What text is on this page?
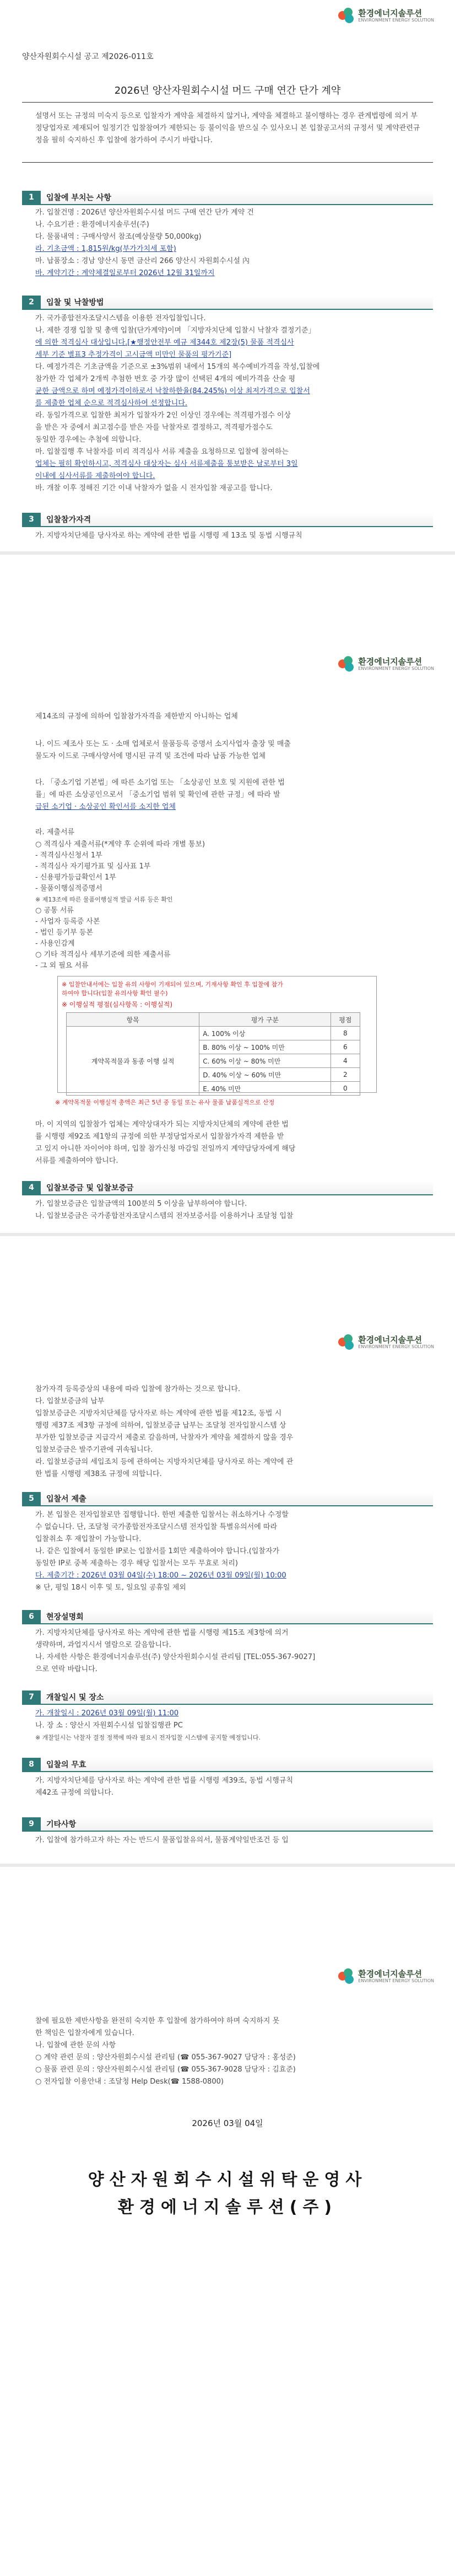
환경에너지솔루션
ENVIRONMENT ENERGY SOLUTION
양산자원회수시설 공고 제2026-011호
2026년 양산자원회수시설 머드 구매 연간 단가 계약
설명서 또는 규정의 미숙지 등으로 입찰자가 계약을 체결하지 않거나, 계약을 체결하고 불이행하는 경우 관계법령에 의거 부정당업자로 제재되어 일정기간 입찰참여가 제한되는 등 불이익을 받으실 수 있사오니 본 입찰공고서의 규정서 및 계약관련규정을 필히 숙지하신 후 입찰에 참가하여 주시기 바랍니다.
1	입찰에 부치는 사항
가. 입찰건명 : 2026년 양산자원회수시설 머드 구매 연간 단가 계약 건
나. 수요기관 : 환경에너지솔루션(주)
다. 물품내역 : 구매사양서 참조(예상물량 50,000kg)
라. 기초금액 : 1,815원/kg(부가가치세 포함)
마. 납품장소 : 경남 양산시 동면 금산리 266 양산시 자원회수시설 內
바. 계약기간 : 계약체결일로부터 2026년 12월 31일까지
2	입찰 및 낙찰방법
가. 국가종합전자조달시스템을 이용한 전자입찰입니다.
나. 제한 경쟁 입찰 및 총액 입찰(단가계약)이며 「지방자치단체 입찰시 낙찰자 결정기준」
에 의한 적격심사 대상입니다.[★행정안전부 예규 제344호 제2장(5) 물품 적격심사
세부 기준 별표3 추정가격이 고시금액 미만인 물품의 평가기준]
다. 예정가격은 기초금액을 기준으로 ±3%범위 내에서 15개의 복수예비가격을 작성,입찰에
참가한 각 업체가 2개씩 추첨한 번호 중 가장 많이 선택된 4개의 예비가격을 산술 평
균한 금액으로 하며 예정가격이하로서 낙찰하한율(84.245%) 이상 최저가격으로 입찰서
를 제출한 업체 순으로 적격심사하여 선정합니다.
라. 동일가격으로 입찰한 최저가 입찰자가 2인 이상인 경우에는 적격평가점수 이상
을 받은 자 중에서 최고점수를 받은 자를 낙찰자로 결정하고, 적격평가점수도
동일한 경우에는 추첨에 의합니다.
마. 입찰집행 후 낙찰자를 미리 적격심사 서류 제출을 요청하므로 입찰에 참여하는
업체는 필히 확인하시고, 적격심사 대상자는 심사 서류제출을 통보받은 날로부터 3일
이내에 심사서류를 제출하여야 합니다.
바. 개찰 이후 정해진 기간 이내 낙찰자가 없을 시 전자입찰 재공고를 합니다.
3	입찰참가자격
가. 지방자치단체를 당사자로 하는 계약에 관한 법률 시행령 제 13조 및 동법 시행규칙
환경에너지솔루션
ENVIRONMENT ENERGY SOLUTION
제14조의 규정에 의하여 입찰참가자격을 제한받지 아니하는 업체
나. 이드 제조사 또는 도 · 소매 업체로서 물품등록 증명서 소지사업자 출장 및 매출
물도자 이드로 구매사양서에 명시된 규격 및 조건에 따라 납품 가능한 업체
다. 「중소기업 기본법」에 따른 소기업 또는 「소상공인 보호 및 지원에 관한 법
률」에 따른 소상공인으로서 「중소기업 범위 및 확인에 관한 규정」에 따라 발
급된 소기업 · 소상공인 확인서를 소지한 업체
라. 제출서류
○ 적격심사 제출서류(*계약 후 순위에 따라 개별 통보)
- 적격심사신청서 1부
- 적격심사 자기평가표 및 심사표 1부
- 신용평가등급확인서 1부
- 물품이행실적증명서
※ 제13조에 따른 물품이행실적 발급 서류 등은 확인
○ 공통 서류
- 사업자 등록증 사본
- 법인 등기부 등본
- 사용인감계
○ 기타 적격심사 세부기준에 의한 제출서류
- 그 외 필요 서류
※ 입찰안내서에는 입찰 유의 사항이 기재되어 있으며, 기재사항 확인 후 입찰에 참가
하여야 합니다(입찰 유의사항 확인 필수)
※ 이행실적 평점(심사항목 : 이행실적)
항목	평가 구분	평점
계약목적물과 동종 이행 실적	A. 100% 이상	8
	B. 80% 이상 ~ 100% 미만	6
	C. 60% 이상 ~ 80% 미만	4
	D. 40% 이상 ~ 60% 미만	2
	E. 40% 미만	0
※ 계약목적물 이행실적 총액은 최근 5년 중 동일 또는 유사 물품 납품실적으로 산정
마. 이 지역의 입찰참가 업체는 계약상대자가 되는 지방자치단체의 계약에 관한 법
률 시행령 제92조 제1항의 규정에 의한 부정당업자로서 입찰참가자격 제한을 받
고 있지 아니한 자이어야 하며, 입찰 참가신청 마감일 전일까지 계약담당자에게 해당
서류를 제출하여야 합니다.
4	입찰보증금 및 입찰보증금
가. 입찰보증금은 입찰금액의 100분의 5 이상을 납부하여야 합니다.
나. 입찰보증금은 국가종합전자조달시스템의 전자보증서를 이용하거나 조달청 입찰
환경에너지솔루션
ENVIRONMENT ENERGY SOLUTION
참가자격 등록증상의 내용에 따라 입찰에 참가하는 것으로 합니다.
다. 입찰보증금의 납부
입찰보증금은 지방자치단체를 당사자로 하는 계약에 관한 법률 제12조, 동법 시
행령 제37조 제3항 규정에 의하여, 입찰보증금 납부는 조달청 전자입찰시스템 상
부가한 입찰보증금 지급각서 제출로 갈음하며, 낙찰자가 계약을 체결하지 않을 경우
입찰보증금은 발주기관에 귀속됩니다.
라. 입찰보증금의 세입조치 등에 관하여는 지방자치단체를 당사자로 하는 계약에 관
한 법률 시행령 제38조 규정에 의합니다.
5	입찰서 제출
가. 본 입찰은 전자입찰로만 집행합니다. 한번 제출한 입찰서는 취소하거나 수정할
수 없습니다. 단, 조달청 국가종합전자조달시스템 전자입찰 특별유의서에 따라
입찰취소 후 재입찰이 가능합니다.
나. 같은 입찰에서 동일한 IP로는 입찰서를 1회만 제출하여야 합니다.(입찰자가
동일한 IP로 중복 제출하는 경우 해당 입찰서는 모두 무효로 처리)
다. 제출기간 : 2026년 03월 04일(수) 18:00 ~ 2026년 03월 09일(월) 10:00
※ 단, 평일 18시 이후 및 토, 일요일 공휴일 제외
6	현장설명회
가. 지방자치단체를 당사자로 하는 계약에 관한 법률 시행령 제15조 제3항에 의거
생략하며, 과업지시서 열람으로 갈음합니다.
나. 자세한 사항은 환경에너지솔루션(주) 양산자원회수시설 관리팀 [TEL:055-367-9027]
으로 연락 바랍니다.
7	개찰일시 및 장소
가. 개찰일시 : 2026년 03월 09일(월) 11:00
나. 장 소 : 양산시 자원회수시설 입찰집행관 PC
※ 개찰일시는 낙찰자 결정 정책에 따라 필요시 전자입찰 시스템에 공지할 예정입니다.
8	입찰의 무효
가. 지방자치단체를 당사자로 하는 계약에 관한 법률 시행령 제39조, 동법 시행규칙
제42조 규정에 의합니다.
9	기타사항
가. 입찰에 참가하고자 하는 자는 반드시 물품입찰유의서, 물품계약일반조건 등 입
환경에너지솔루션
ENVIRONMENT ENERGY SOLUTION
찰에 필요한 제반사항을 완전히 숙지한 후 입찰에 참가하여야 하며 숙지하지 못
한 책임은 입찰자에게 있습니다.
나. 입찰에 관한 문의 사항
○ 계약 관련 문의 : 양산자원회수시설 관리팀 (☎ 055-367-9027 담당자 : 홍성준)
○ 물품 관련 문의 : 양산자원회수시설 관리팀 (☎ 055-367-9028 담당자 : 김효준)
○ 전자입찰 이용안내 : 조달청 Help Desk(☎ 1588-0800)
2026년 03월 04일
양산자원회수시설위탁운영사
환경에너지솔루션(주)
